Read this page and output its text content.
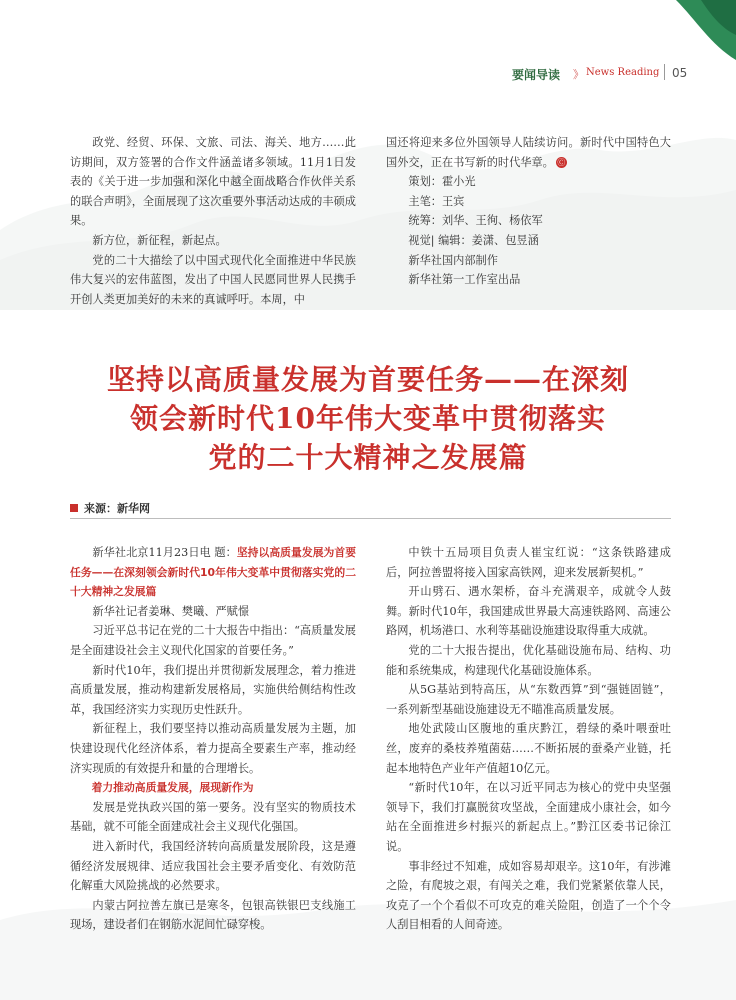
要闻导读 》 News Reading 05

政党、经贸、环保、文旅、司法、海关、地方……此访期间，双方签署的合作文件涵盖诸多领域。11月1日发表的《关于进一步加强和深化中越全面战略合作伙伴关系的联合声明》，全面展现了这次重要外事活动达成的丰硕成果。

新方位，新征程，新起点。

党的二十大描绘了以中国式现代化全面推进中华民族伟大复兴的宏伟蓝图，发出了中国人民愿同世界人民携手开创人类更加美好的未来的真诚呼吁。本周，中

国还将迎来多位外国领导人陆续访问。新时代中国特色大国外交，正在书写新的时代华章。 Ⓒ

策划：霍小光

主笔：王宾

统筹：刘华、王徇、杨依军

视觉| 编辑：姜潇、包昱涵

新华社国内部制作

新华社第一工作室出品

坚持以高质量发展为首要任务——在深刻
领会新时代10年伟大变革中贯彻落实
党的二十大精神之发展篇
来源：新华网

新华社北京11月23日电 题：坚持以高质量发展为首要任务——在深刻领会新时代10年伟大变革中贯彻落实党的二十大精神之发展篇

新华社记者姜琳、樊曦、严赋憬

习近平总书记在党的二十大报告中指出：“高质量发展是全面建设社会主义现代化国家的首要任务。”

新时代10年，我们提出并贯彻新发展理念，着力推进高质量发展，推动构建新发展格局，实施供给侧结构性改革，我国经济实力实现历史性跃升。

新征程上，我们要坚持以推动高质量发展为主题，加快建设现代化经济体系，着力提高全要素生产率，推动经济实现质的有效提升和量的合理增长。

着力推动高质量发展，展现新作为

发展是党执政兴国的第一要务。没有坚实的物质技术基础，就不可能全面建成社会主义现代化强国。

进入新时代，我国经济转向高质量发展阶段，这是遵循经济发展规律、适应我国社会主要矛盾变化、有效防范化解重大风险挑战的必然要求。

内蒙古阿拉善左旗已是寒冬，包银高铁银巴支线施工现场，建设者们在钢筋水泥间忙碌穿梭。

中铁十五局项目负责人崔宝红说：“这条铁路建成后，阿拉善盟将接入国家高铁网，迎来发展新契机。”

开山劈石、遇水架桥，奋斗充满艰辛，成就令人鼓舞。新时代10年，我国建成世界最大高速铁路网、高速公路网，机场港口、水利等基础设施建设取得重大成就。

党的二十大报告提出，优化基础设施布局、结构、功能和系统集成，构建现代化基础设施体系。

从5G基站到特高压，从“东数西算”到“强链固链”，一系列新型基础设施建设无不瞄准高质量发展。

地处武陵山区腹地的重庆黔江，碧绿的桑叶喂蚕吐丝，废弃的桑枝养殖菌菇……不断拓展的蚕桑产业链，托起本地特色产业年产值超10亿元。

“新时代10年，在以习近平同志为核心的党中央坚强领导下，我们打赢脱贫攻坚战，全面建成小康社会，如今站在全面推进乡村振兴的新起点上。”黔江区委书记徐江说。

事非经过不知难，成如容易却艰辛。这10年，有涉滩之险，有爬坡之艰，有闯关之难，我们党紧紧依靠人民，攻克了一个个看似不可攻克的难关险阻，创造了一个个令人刮目相看的人间奇迹。
